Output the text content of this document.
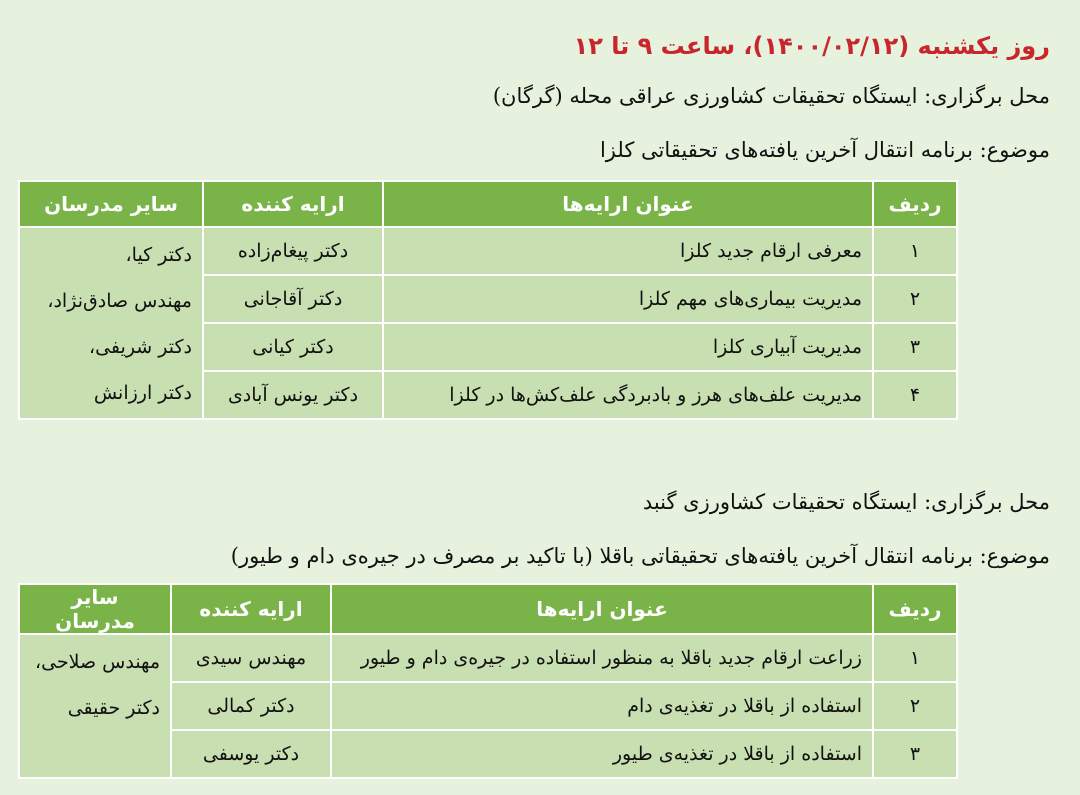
روز یکشنبه (۱۴۰۰/۰۲/۱۲)، ساعت ۹ تا ۱۲
محل برگزاری: ایستگاه تحقیقات کشاورزی عراقی محله (گرگان)
موضوع: برنامه انتقال آخرین یافته‌های تحقیقاتی کلزا
ردیف	عنوان ارایه‌ها	ارایه کننده	سایر مدرسان
۱	معرفی ارقام جدید کلزا	دکتر پیغام‌زاده	دکتر کیا،
مهندس صادق‌نژاد،
دکتر شریفی،
دکتر ارزانش

۲	مدیریت بیماری‌های مهم کلزا	دکتر آقاجانی	
۳	مدیریت آبیاری کلزا	دکتر کیانی	
۴	مدیریت علف‌های هرز و بادبردگی علف‌کش‌ها در کلزا	دکتر یونس آبادی	
محل برگزاری: ایستگاه تحقیقات کشاورزی گنبد
موضوع: برنامه انتقال آخرین یافته‌های تحقیقاتی باقلا (با تاکید بر مصرف در جیره‌ی دام و طیور)
ردیف	عنوان ارایه‌ها	ارایه کننده	سایر مدرسان
۱	زراعت ارقام جدید باقلا به منظور استفاده در جیره‌ی دام و طیور	مهندس سیدی	مهندس صلاحی،
دکتر حقیقی

۲	استفاده از باقلا در تغذیه‌ی دام	دکتر کمالی	
۳	استفاده از باقلا در تغذیه‌ی طیور	دکتر یوسفی	
